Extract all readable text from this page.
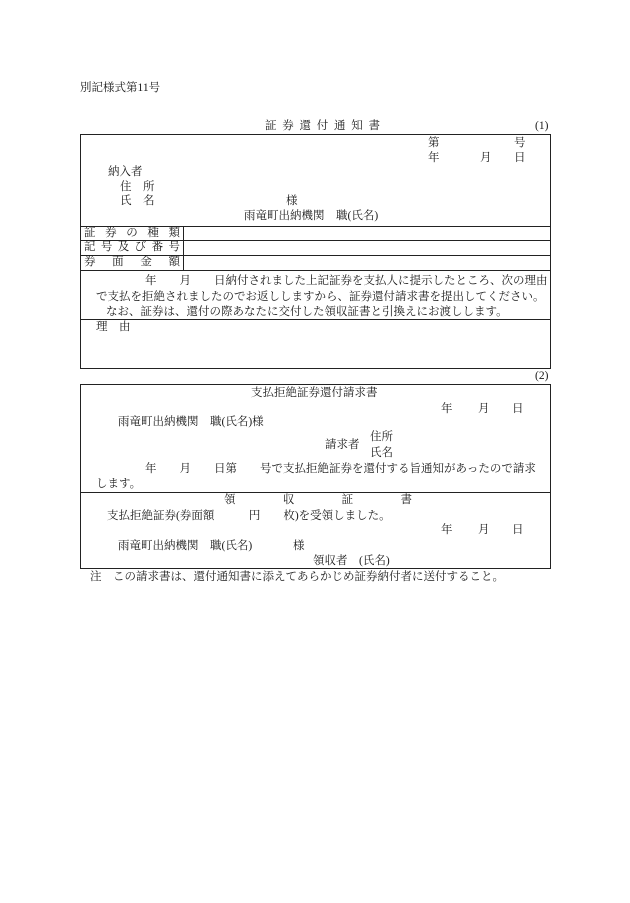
別記様式第11号
証 券 還 付 通 知 書	(1)
第	号
年	月 日
納入者
住　所
氏　名	様
雨竜町出納機関　職(氏名)
証 券 の 種 類
記 号 及 び 番 号
券 面 金 額
年　　月　　日納付されました上記証券を支払人に提示したところ、次の理由
で支払を拒絶されましたのでお返ししますから、証券還付請求書を提出してください。
なお、証券は、還付の際あなたに交付した領収証書と引換えにお渡しします。
理　由
(2)
支払拒絶証券還付請求書
年 月 日
雨竜町出納機関　職(氏名)様
住所
請求者
氏名
年　　月　　日第　　号で支払拒絶証券を還付する旨通知があったので請求
します。
領	収	証	書
支払拒絶証券(券面額　　　円　　枚)を受領しました。
年 月 日
雨竜町出納機関　職(氏名)	様
領収者　(氏名)
注　この請求書は、還付通知書に添えてあらかじめ証券納付者に送付すること。
